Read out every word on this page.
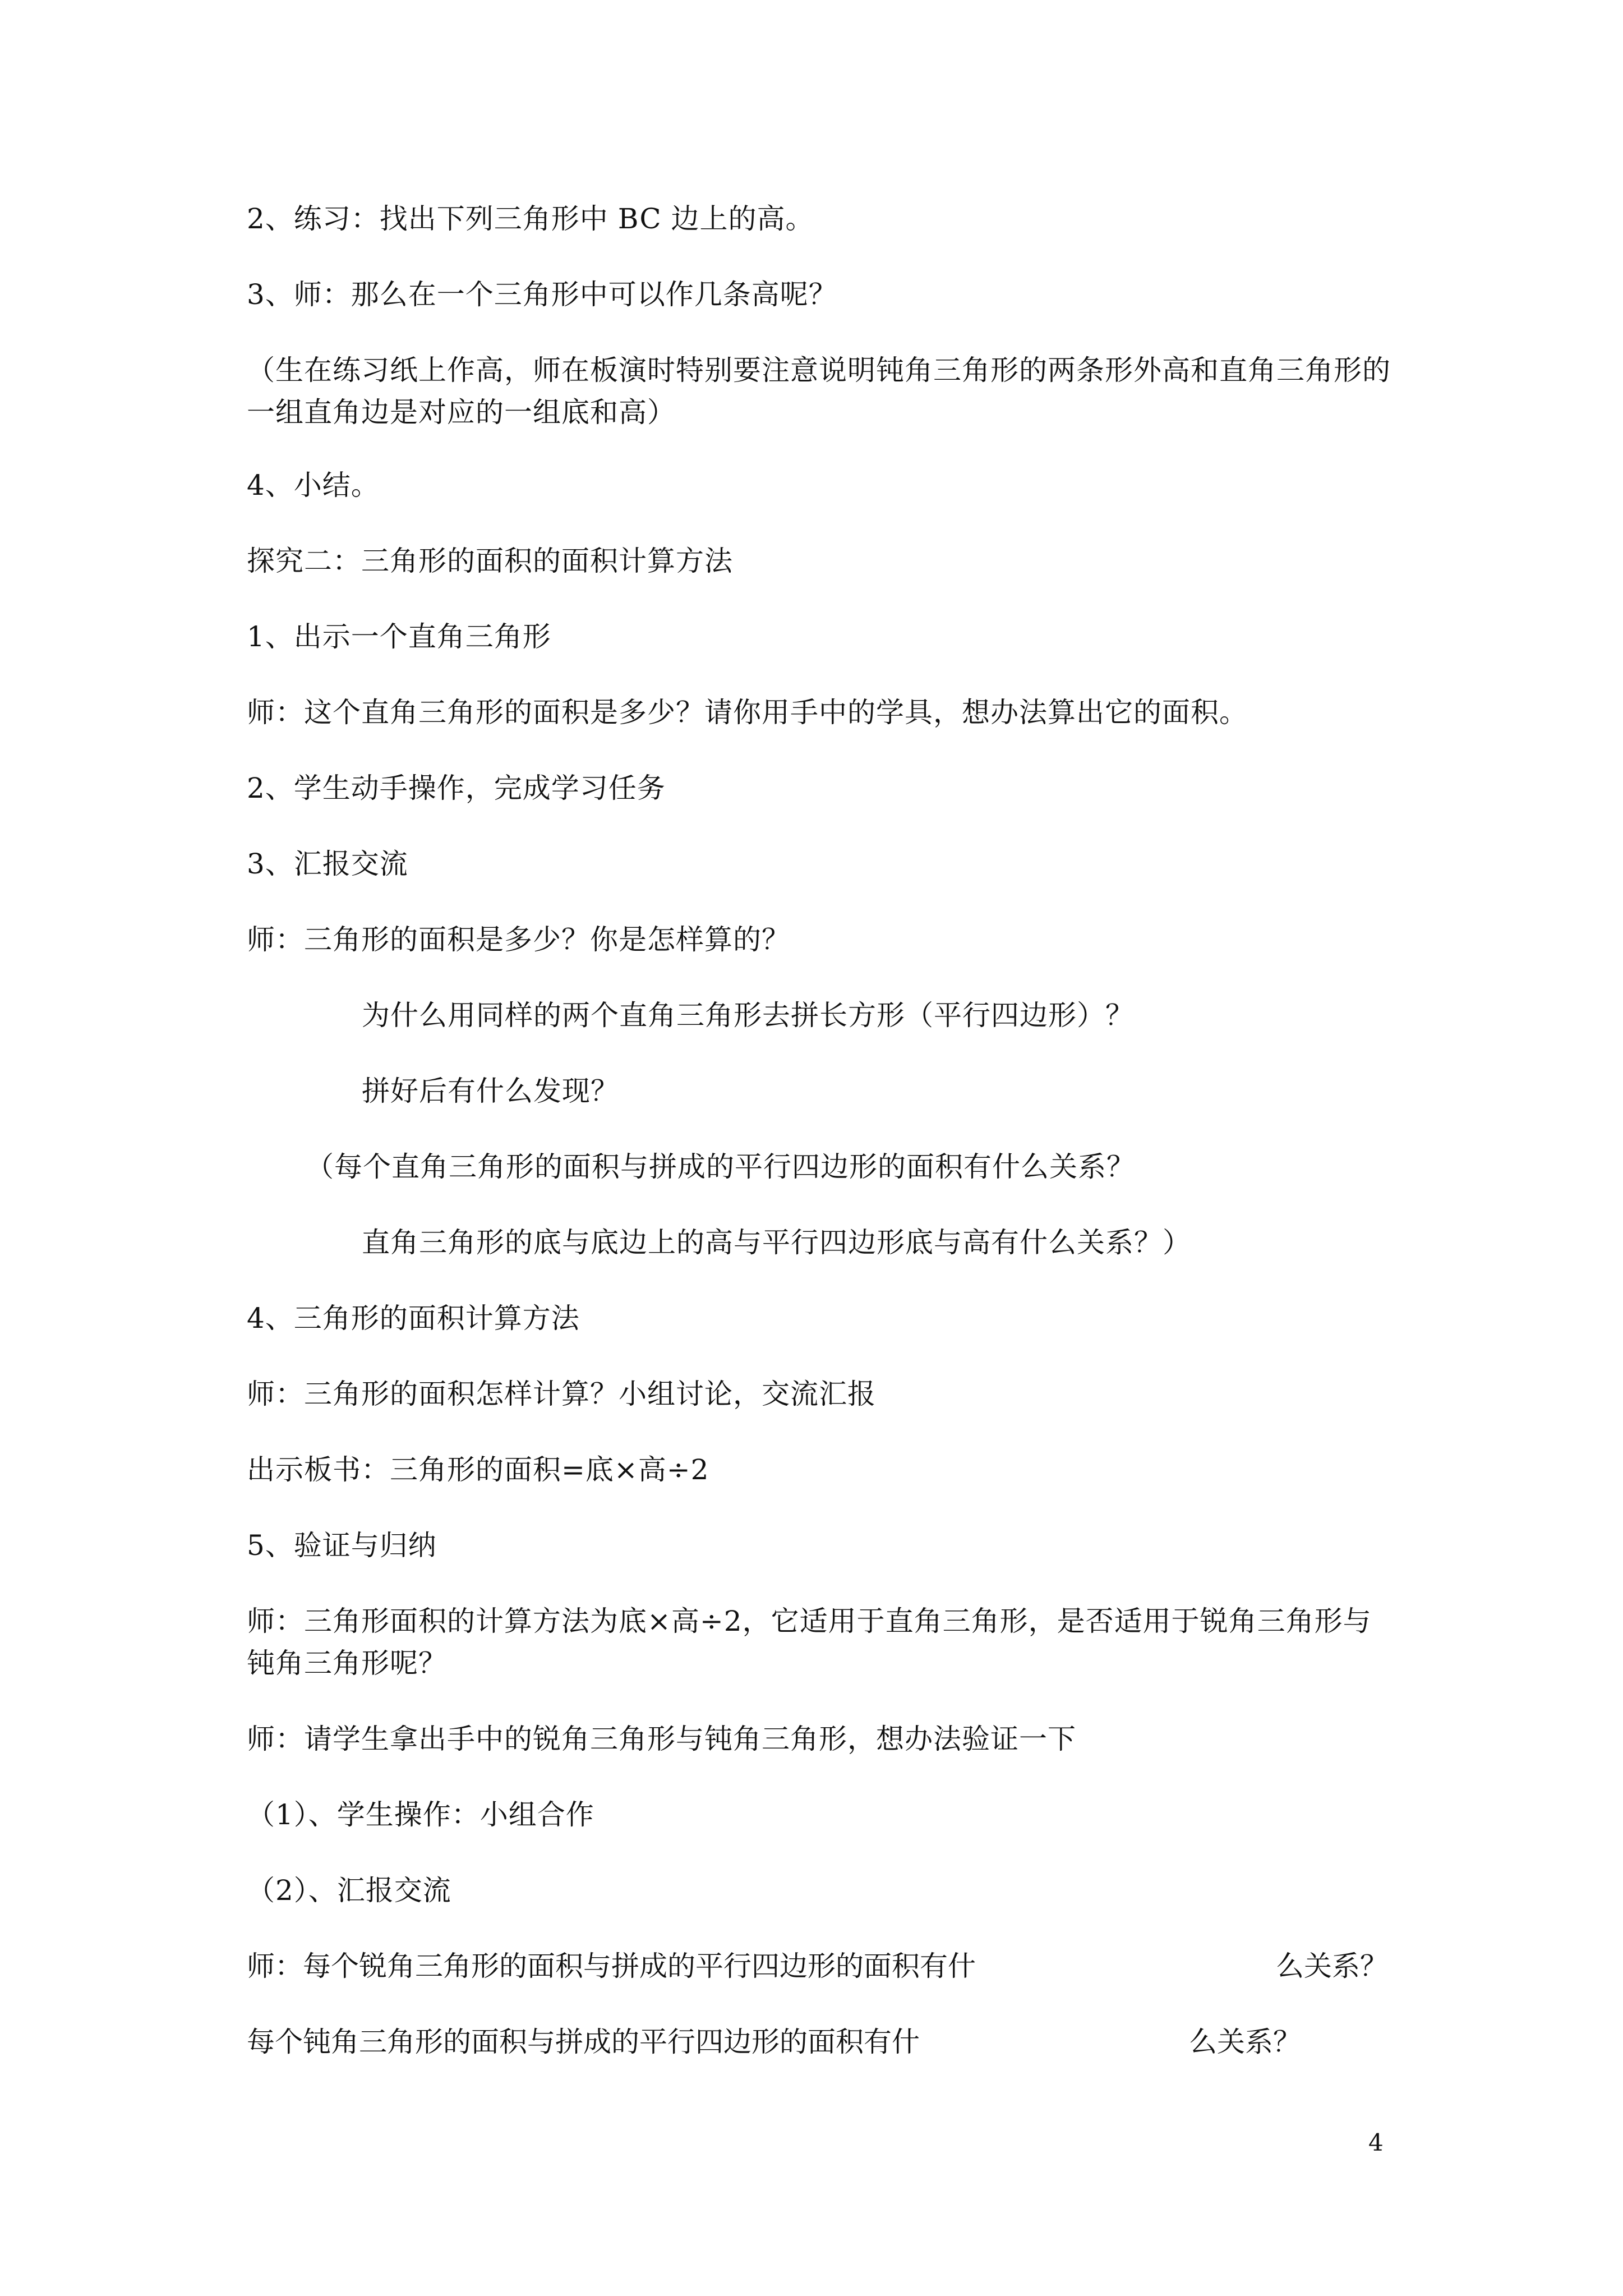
2、练习：找出下列三角形中 BC 边上的高。
3、师：那么在一个三角形中可以作几条高呢？
（生在练习纸上作高，师在板演时特别要注意说明钝角三角形的两条形外高和直角三角形的
一组直角边是对应的一组底和高）
4、小结。
探究二：三角形的面积的面积计算方法
1、出示一个直角三角形
师：这个直角三角形的面积是多少？请你用手中的学具，想办法算出它的面积。
2、学生动手操作，完成学习任务
3、汇报交流
师：三角形的面积是多少？你是怎样算的？
为什么用同样的两个直角三角形去拼长方形（平行四边形）？
拼好后有什么发现？
（每个直角三角形的面积与拼成的平行四边形的面积有什么关系？
直角三角形的底与底边上的高与平行四边形底与高有什么关系？）
4、三角形的面积计算方法
师：三角形的面积怎样计算？小组讨论，交流汇报
出示板书：三角形的面积=底×高÷2
5、验证与归纳
师：三角形面积的计算方法为底×高÷2，它适用于直角三角形，是否适用于锐角三角形与
钝角三角形呢？
师：请学生拿出手中的锐角三角形与钝角三角形，想办法验证一下
（1）、学生操作：小组合作
（2）、汇报交流
师：每个锐角三角形的面积与拼成的平行四边形的面积有什	么关系？
每个钝角三角形的面积与拼成的平行四边形的面积有什	么关系？
4
